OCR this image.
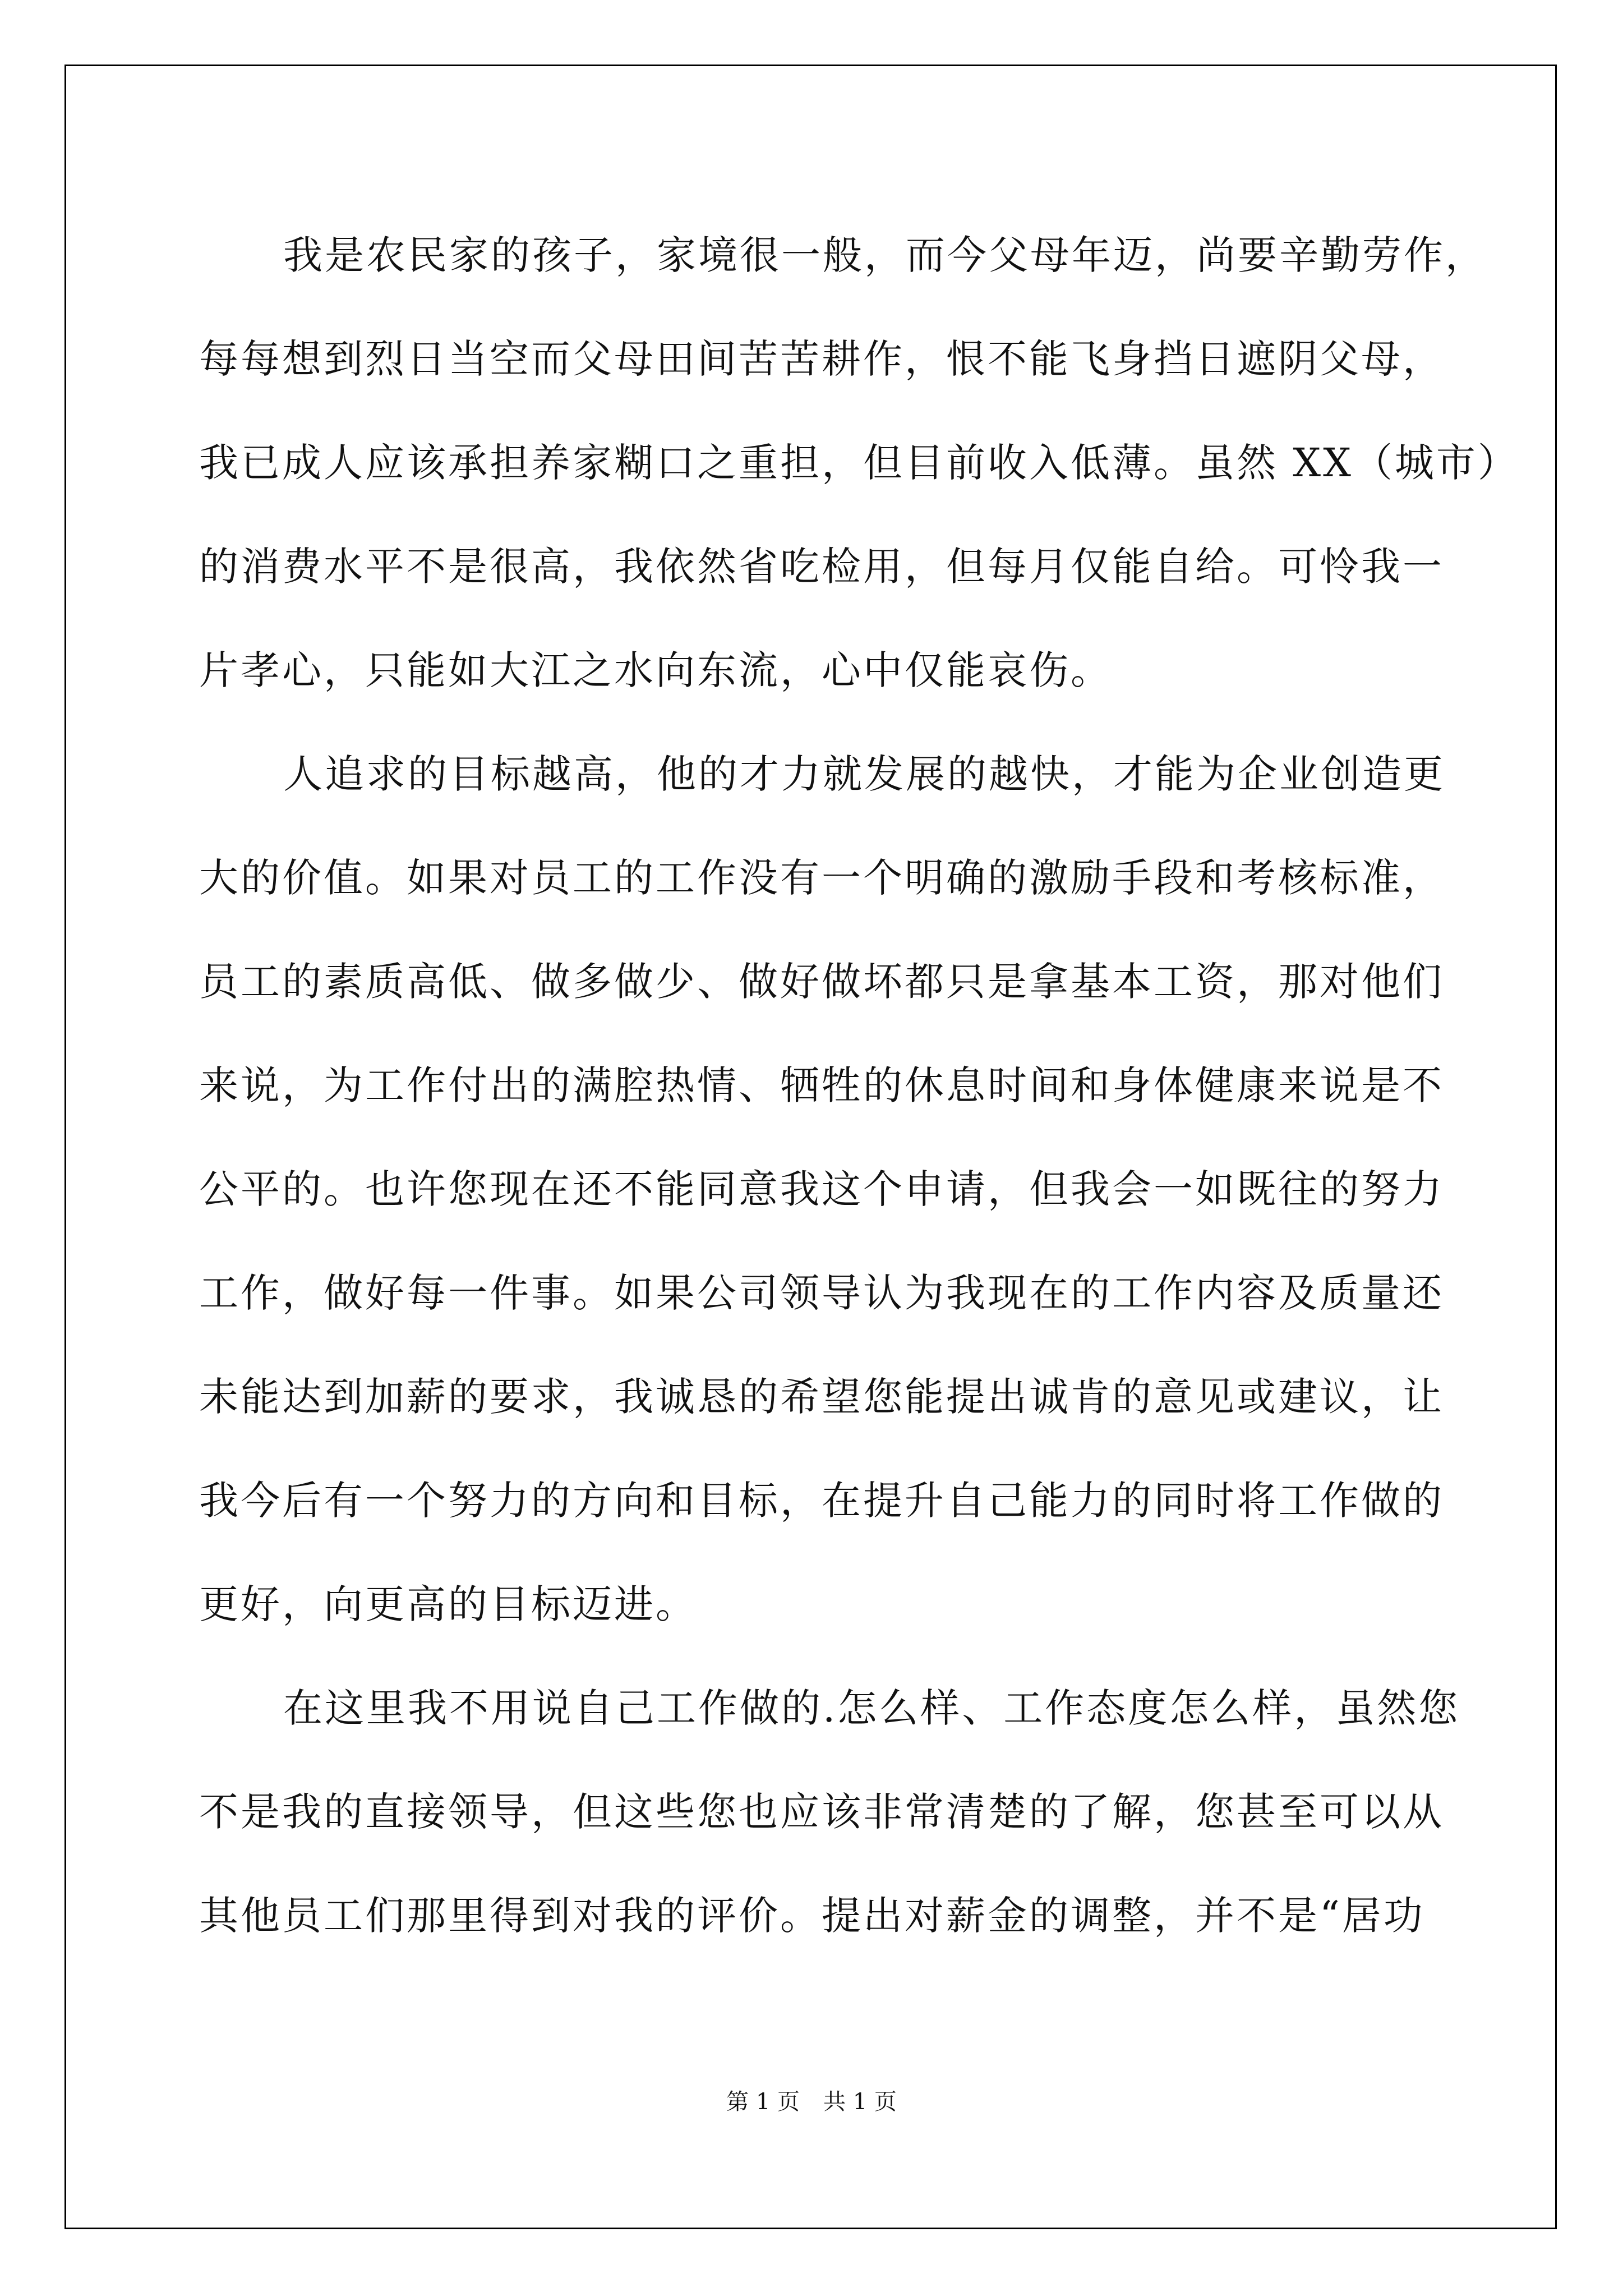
我是农民家的孩子，家境很一般，而今父母年迈，尚要辛勤劳作，
每每想到烈日当空而父母田间苦苦耕作，恨不能飞身挡日遮阴父母，
我已成人应该承担养家糊口之重担，但目前收入低薄。虽然 XX（城市）
的消费水平不是很高，我依然省吃检用，但每月仅能自给。可怜我一
片孝心，只能如大江之水向东流，心中仅能哀伤。
人追求的目标越高，他的才力就发展的越快，才能为企业创造更
大的价值。如果对员工的工作没有一个明确的激励手段和考核标准，
员工的素质高低、做多做少、做好做坏都只是拿基本工资，那对他们
来说，为工作付出的满腔热情、牺牲的休息时间和身体健康来说是不
公平的。也许您现在还不能同意我这个申请，但我会一如既往的努力
工作，做好每一件事。如果公司领导认为我现在的工作内容及质量还
未能达到加薪的要求，我诚恳的希望您能提出诚肯的意见或建议，让
我今后有一个努力的方向和目标，在提升自己能力的同时将工作做的
更好，向更高的目标迈进。
在这里我不用说自己工作做的.怎么样、工作态度怎么样，虽然您
不是我的直接领导，但这些您也应该非常清楚的了解，您甚至可以从
其他员工们那里得到对我的评价。提出对薪金的调整，并不是“居功
第 1 页 共 1 页
